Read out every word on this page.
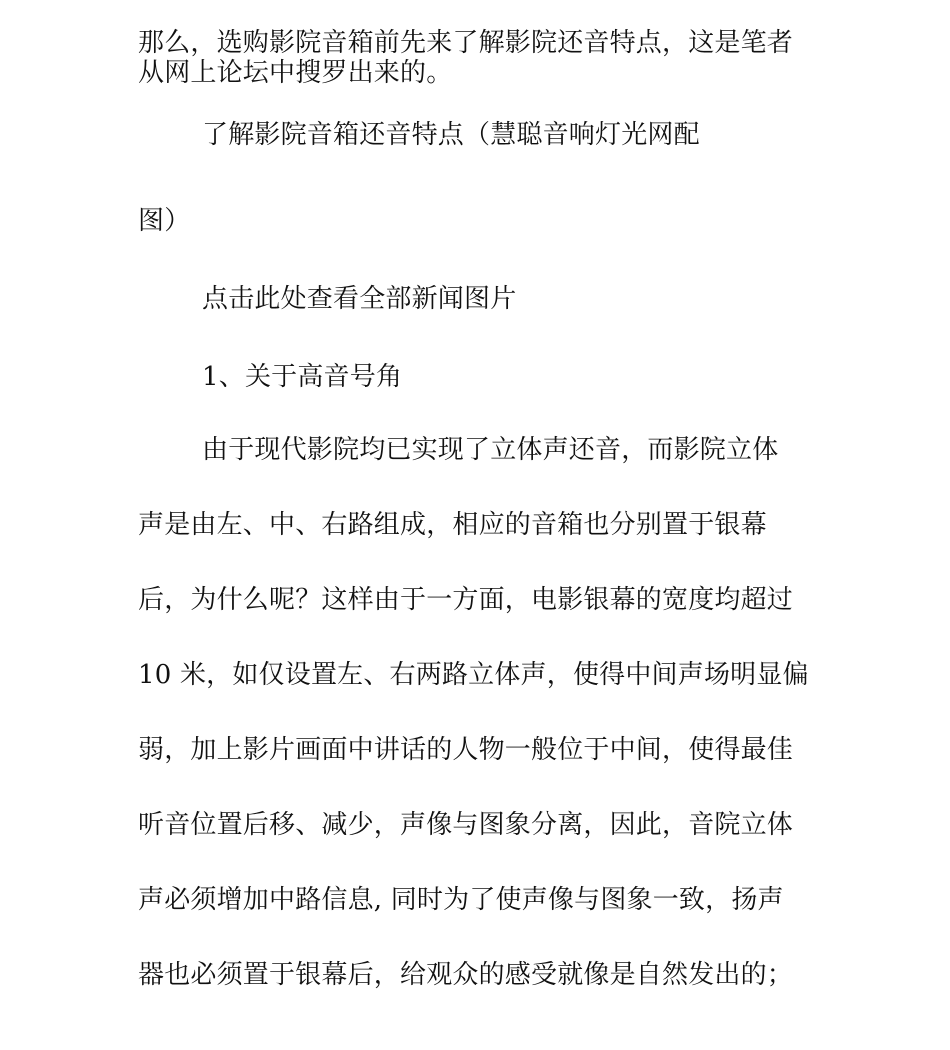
那么，选购影院音箱前先来了解影院还音特点，这是笔者
从网上论坛中搜罗出来的。
了解影院音箱还音特点（慧聪音响灯光网配
图）
点击此处查看全部新闻图片
1、关于高音号角
由于现代影院均已实现了立体声还音，而影院立体
声是由左、中、右路组成，相应的音箱也分别置于银幕
后，为什么呢？这样由于一方面，电影银幕的宽度均超过
10 米，如仅设置左、右两路立体声，使得中间声场明显偏
弱，加上影片画面中讲话的人物一般位于中间，使得最佳
听音位置后移、减少，声像与图象分离，因此，音院立体
声必须增加中路信息, 同时为了使声像与图象一致，扬声
器也必须置于银幕后，给观众的感受就像是自然发出的；
